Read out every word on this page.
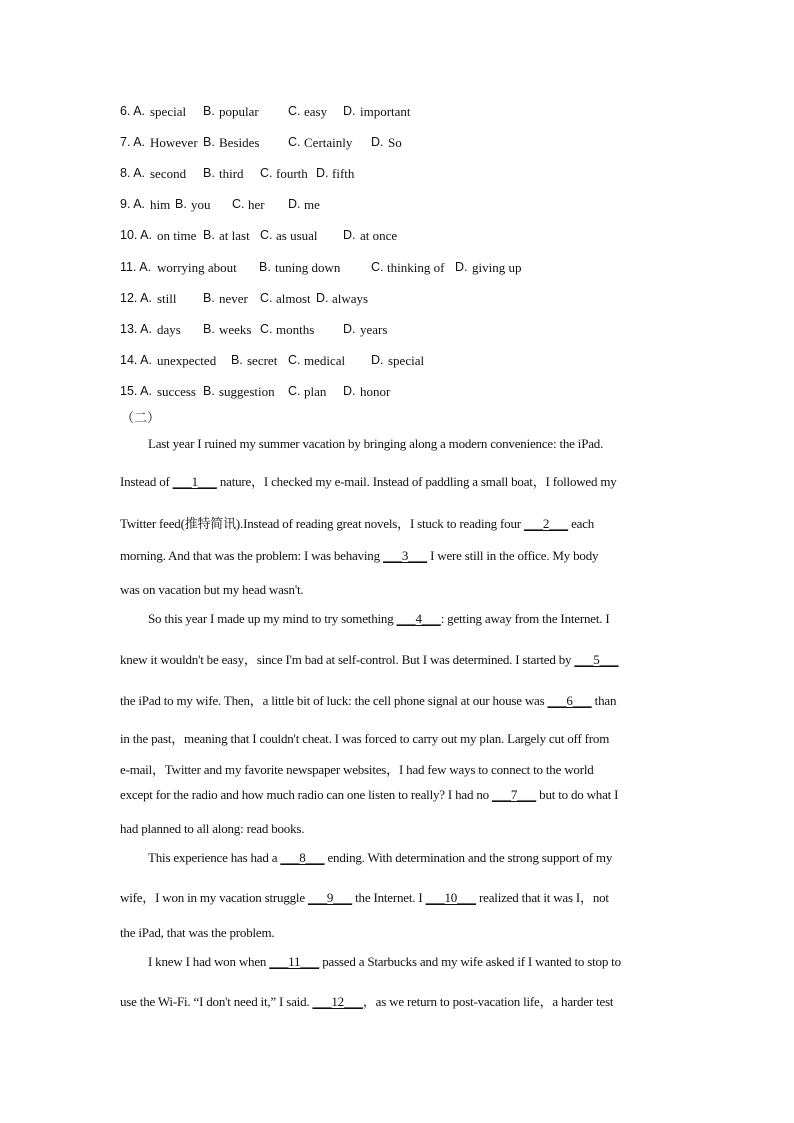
6. A. special B. popular C. easy D. important
7. A. However B. Besides C. Certainly D. So
8. A. second B. third C. fourth D. fifth
9. A. him B. you C. her D. me
10. A. on time B. at last C. as usual D. at once
11. A. worrying about B. tuning down C. thinking of D. giving up
12. A. still B. never C. almost D. always
13. A. days B. weeks C. months D. years
14. A. unexpected B. secret C. medical D. special
15. A. success B. suggestion C. plan D. honor
（二）
Last year I ruined my summer vacation by bringing along a modern convenience: the iPad.
Instead of ___1___ nature，I checked my e-mail. Instead of paddling a small boat，I followed my
Twitter feed(推特简讯).Instead of reading great novels，I stuck to reading four ___2___ each
morning. And that was the problem: I was behaving ___3___ I were still in the office. My body
was on vacation but my head wasn't.
So this year I made up my mind to try something ___4___: getting away from the Internet. I
knew it wouldn't be easy，since I'm bad at self-control. But I was determined. I started by ___5___
the iPad to my wife. Then，a little bit of luck: the cell phone signal at our house was ___6___ than
in the past，meaning that I couldn't cheat. I was forced to carry out my plan. Largely cut off from
e-mail，Twitter and my favorite newspaper websites，I had few ways to connect to the world
except for the radio and how much radio can one listen to really? I had no ___7___ but to do what I
had planned to all along: read books.
This experience has had a ___8___ ending. With determination and the strong support of my
wife，I won in my vacation struggle ___9___ the Internet. I ___10___ realized that it was I，not
the iPad, that was the problem.
I knew I had won when ___11___ passed a Starbucks and my wife asked if I wanted to stop to
use the Wi-Fi. “I don't need it,” I said. ___12___，as we return to post-vacation life，a harder test
